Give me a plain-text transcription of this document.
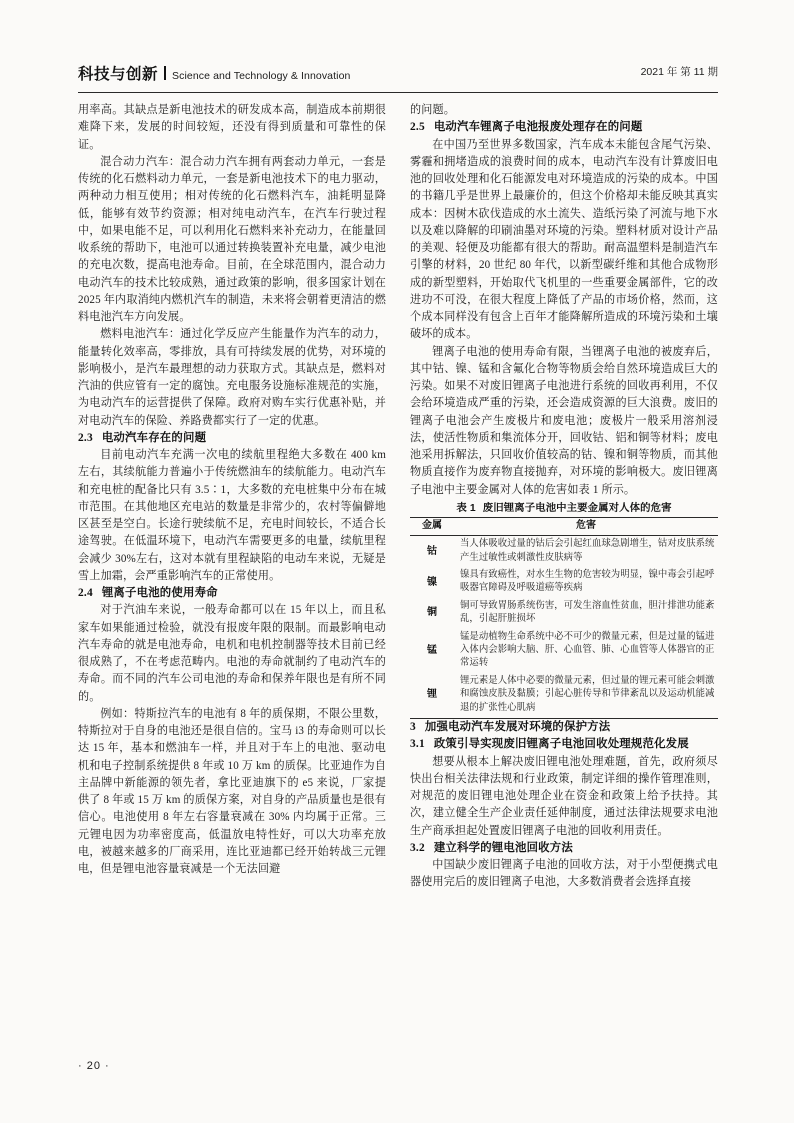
科技与创新 Science and Technology & Innovation	2021 年 第 11 期

用率高。其缺点是新电池技术的研发成本高，制造成本前期很难降下来，发展的时间较短，还没有得到质量和可靠性的保证。

混合动力汽车：混合动力汽车拥有两套动力单元，一套是传统的化石燃料动力单元，一套是新电池技术下的电力驱动，两种动力相互使用；相对传统的化石燃料汽车，油耗明显降低，能够有效节约资源；相对纯电动汽车，在汽车行驶过程中，如果电能不足，可以利用化石燃料来补充动力，在能量回收系统的帮助下，电池可以通过转换装置补充电量，减少电池的充电次数，提高电池寿命。目前，在全球范围内，混合动力电动汽车的技术比较成熟，通过政策的影响，很多国家计划在 2025 年内取消纯内燃机汽车的制造，未来将会朝着更清洁的燃料电池汽车方向发展。

燃料电池汽车：通过化学反应产生能量作为汽车的动力，能量转化效率高，零排放，具有可持续发展的优势，对环境的影响极小，是汽车最理想的动力获取方式。其缺点是，燃料对汽油的供应管有一定的腐蚀。充电服务设施标准规范的实施，为电动汽车的运营提供了保障。政府对购车实行优惠补贴，并对电动汽车的保险、养路费都实行了一定的优惠。

2.3 电动汽车存在的问题

目前电动汽车充满一次电的续航里程绝大多数在 400 km 左右，其续航能力普遍小于传统燃油车的续航能力。电动汽车和充电桩的配备比只有 3.5∶1，大多数的充电桩集中分布在城市范围。在其他地区充电站的数量是非常少的，农村等偏僻地区甚至是空白。长途行驶续航不足，充电时间较长，不适合长途驾驶。在低温环境下，电动汽车需要更多的电量，续航里程会减少 30%左右，这对本就有里程缺陷的电动车来说，无疑是雪上加霜，会严重影响汽车的正常使用。

2.4 锂离子电池的使用寿命

对于汽油车来说，一般寿命都可以在 15 年以上，而且私家车如果能通过检验，就没有报废年限的限制。而最影响电动汽车寿命的就是电池寿命，电机和电机控制器等技术目前已经很成熟了，不在考虑范畴内。电池的寿命就制约了电动汽车的寿命。而不同的汽车公司电池的寿命和保养年限也是有所不同的。

例如：特斯拉汽车的电池有 8 年的质保期，不限公里数，特斯拉对于自身的电池还是很自信的。宝马 i3 的寿命则可以长达 15 年，基本和燃油车一样，并且对于车上的电池、驱动电机和电子控制系统提供 8 年或 10 万 km 的质保。比亚迪作为自主品牌中新能源的领先者，拿比亚迪旗下的 e5 来说，厂家提供了 8 年或 15 万 km 的质保方案，对自身的产品质量也是很有信心。电池使用 8 年左右容量衰减在 30% 内均属于正常。三元锂电因为功率密度高，低温放电特性好，可以大功率充放电，被越来越多的厂商采用，连比亚迪都已经开始转战三元锂电，但是锂电池容量衰减是一个无法回避

的问题。

2.5 电动汽车锂离子电池报废处理存在的问题

在中国乃至世界多数国家，汽车成本未能包含尾气污染、雾霾和拥堵造成的浪费时间的成本，电动汽车没有计算废旧电池的回收处理和化石能源发电对环境造成的污染的成本。中国的书籍几乎是世界上最廉价的，但这个价格却未能反映其真实成本：因树木砍伐造成的水土流失、造纸污染了河流与地下水以及难以降解的印刷油墨对环境的污染。塑料材质对设计产品的美观、轻便及功能都有很大的帮助。耐高温塑料是制造汽车引擎的材料，20 世纪 80 年代，以新型碳纤维和其他合成物形成的新型塑料，开始取代飞机里的一些重要金属部件，它的改进功不可没，在很大程度上降低了产品的市场价格，然而，这个成本同样没有包含上百年才能降解所造成的环境污染和土壤破坏的成本。

锂离子电池的使用寿命有限，当锂离子电池的被废弃后，其中钴、镍、锰和含氟化合物等物质会给自然环境造成巨大的污染。如果不对废旧锂离子电池进行系统的回收再利用，不仅会给环境造成严重的污染，还会造成资源的巨大浪费。废旧的锂离子电池会产生废极片和废电池；废极片一般采用溶剂浸法，使活性物质和集流体分开，回收钴、铝和铜等材料；废电池采用拆解法，只回收价值较高的钴、镍和铜等物质，而其他物质直接作为废弃物直接抛弃，对环境的影响极大。废旧锂离子电池中主要金属对人体的危害如表 1 所示。

表 1 废旧锂离子电池中主要金属对人体的危害
金属	危害
钴	当人体吸收过量的钴后会引起红血球急剧增生，钴对皮肤系统产生过敏性或刺激性皮肤病等
镍	镍具有致癌性，对水生生物的危害较为明显，镍中毒会引起呼吸器官障碍及呼吸道癌等疾病
铜	铜可导致胃肠系统伤害，可发生溶血性贫血，胆汁排泄功能紊乱，引起肝脏损坏
锰	锰是动植物生命系统中必不可少的微量元素，但是过量的锰进入体内会影响大脑、肝、心血管、肺、心血管等人体器官的正常运转
锂	锂元素是人体中必要的微量元素，但过量的锂元素可能会刺激和腐蚀皮肤及黏膜；引起心脏传导和节律紊乱以及运动机能减退的扩张性心肌病
3 加强电动汽车发展对环境的保护方法
3.1 政策引导实现废旧锂离子电池回收处理规范化发展

想要从根本上解决废旧锂电池处理难题，首先，政府须尽快出台相关法律法规和行业政策，制定详细的操作管理准则，对规范的废旧锂电池处理企业在资金和政策上给予扶持。其次，建立健全生产企业责任延伸制度，通过法律法规要求电池生产商承担起处置废旧锂离子电池的回收利用责任。

3.2 建立科学的锂电池回收方法

中国缺少废旧锂离子电池的回收方法，对于小型便携式电器使用完后的废旧锂离子电池，大多数消费者会选择直接

· 20 ·
